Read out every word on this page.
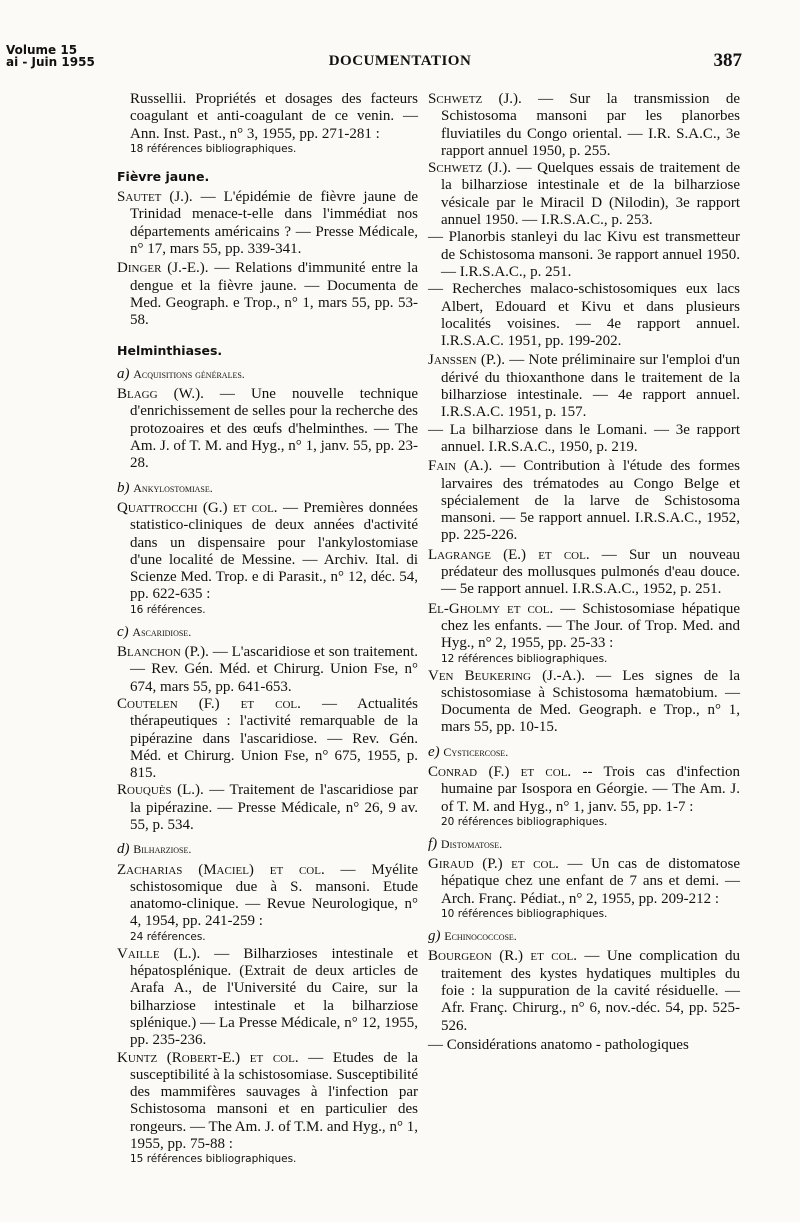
Volume 15
ai - Juin 1955	DOCUMENTATION	387

Russellii. Propriétés et dosages des facteurs coagulant et anti-coagulant de ce venin. — Ann. Inst. Past., n° 3, 1955, pp. 271-281 :

18 références bibliographiques.

Fièvre jaune.

Sautet (J.). — L'épidémie de fièvre jaune de Trinidad menace-t-elle dans l'immédiat nos départements américains ? — Presse Médicale, n° 17, mars 55, pp. 339-341.

Dinger (J.-E.). — Relations d'immunité entre la dengue et la fièvre jaune. — Documenta de Med. Geograph. e Trop., n° 1, mars 55, pp. 53-58.

Helminthiases.
a) Acquisitions générales.

Blagg (W.). — Une nouvelle technique d'enrichissement de selles pour la recherche des protozoaires et des œufs d'helminthes. — The Am. J. of T. M. and Hyg., n° 1, janv. 55, pp. 23-28.

b) Ankylostomiase.

Quattrocchi (G.) et col. — Premières données statistico-cliniques de deux années d'activité dans un dispensaire pour l'ankylostomiase d'une localité de Messine. — Archiv. Ital. di Scienze Med. Trop. e di Parasit., n° 12, déc. 54, pp. 622-635 :

16 références.

c) Ascaridiose.

Blanchon (P.). — L'ascaridiose et son traitement. — Rev. Gén. Méd. et Chirurg. Union Fse, n° 674, mars 55, pp. 641-653.

Coutelen (F.) et col. — Actualités thérapeutiques : l'activité remarquable de la pipérazine dans l'ascaridiose. — Rev. Gén. Méd. et Chirurg. Union Fse, n° 675, 1955, p. 815.

Rouquès (L.). — Traitement de l'ascaridiose par la pipérazine. — Presse Médicale, n° 26, 9 av. 55, p. 534.

d) Bilharziose.

Zacharias (Maciel) et col. — Myélite schistosomique due à S. mansoni. Etude anatomo-clinique. — Revue Neurologique, n° 4, 1954, pp. 241-259 :

24 références.

Vaille (L.). — Bilharzioses intestinale et hépatosplénique. (Extrait de deux articles de Arafa A., de l'Université du Caire, sur la bilharziose intestinale et la bilharziose splénique.) — La Presse Médicale, n° 12, 1955, pp. 235-236.

Kuntz (Robert-E.) et col. — Etudes de la susceptibilité à la schistosomiase. Susceptibilité des mammifères sauvages à l'infection par Schistosoma mansoni et en particulier des rongeurs. — The Am. J. of T.M. and Hyg., n° 1, 1955, pp. 75-88 :

15 références bibliographiques.

Schwetz (J.). — Sur la transmission de Schistosoma mansoni par les planorbes fluviatiles du Congo oriental. — I.R. S.A.C., 3e rapport annuel 1950, p. 255.

Schwetz (J.). — Quelques essais de traitement de la bilharziose intestinale et de la bilharziose vésicale par le Miracil D (Nilodin), 3e rapport annuel 1950. — I.R.S.A.C., p. 253.

— Planorbis stanleyi du lac Kivu est transmetteur de Schistosoma mansoni. 3e rapport annuel 1950. — I.R.S.A.C., p. 251.

— Recherches malaco-schistosomiques eux lacs Albert, Edouard et Kivu et dans plusieurs localités voisines. — 4e rapport annuel. I.R.S.A.C. 1951, pp. 199-202.

Janssen (P.). — Note préliminaire sur l'emploi d'un dérivé du thioxanthone dans le traitement de la bilharziose intestinale. — 4e rapport annuel. I.R.S.A.C. 1951, p. 157.

— La bilharziose dans le Lomani. — 3e rapport annuel. I.R.S.A.C., 1950, p. 219.

Fain (A.). — Contribution à l'étude des formes larvaires des trématodes au Congo Belge et spécialement de la larve de Schistosoma mansoni. — 5e rapport annuel. I.R.S.A.C., 1952, pp. 225-226.

Lagrange (E.) et col. — Sur un nouveau prédateur des mollusques pulmonés d'eau douce. — 5e rapport annuel. I.R.S.A.C., 1952, p. 251.

El-Gholmy et col. — Schistosomiase hépatique chez les enfants. — The Jour. of Trop. Med. and Hyg., n° 2, 1955, pp. 25-33 :

12 références bibliographiques.

Ven Beukering (J.-A.). — Les signes de la schistosomiase à Schistosoma hæmatobium. — Documenta de Med. Geograph. e Trop., n° 1, mars 55, pp. 10-15.

e) Cysticercose.

Conrad (F.) et col. -- Trois cas d'infection humaine par Isospora en Géorgie. — The Am. J. of T. M. and Hyg., n° 1, janv. 55, pp. 1-7 :

20 références bibliographiques.

f) Distomatose.

Giraud (P.) et col. — Un cas de distomatose hépatique chez une enfant de 7 ans et demi. — Arch. Franç. Pédiat., n° 2, 1955, pp. 209-212 :

10 références bibliographiques.

g) Echinococcose.

Bourgeon (R.) et col. — Une complication du traitement des kystes hydatiques multiples du foie : la suppuration de la cavité résiduelle. — Afr. Franç. Chirurg., n° 6, nov.-déc. 54, pp. 525-526.

— Considérations anatomo - pathologiques
